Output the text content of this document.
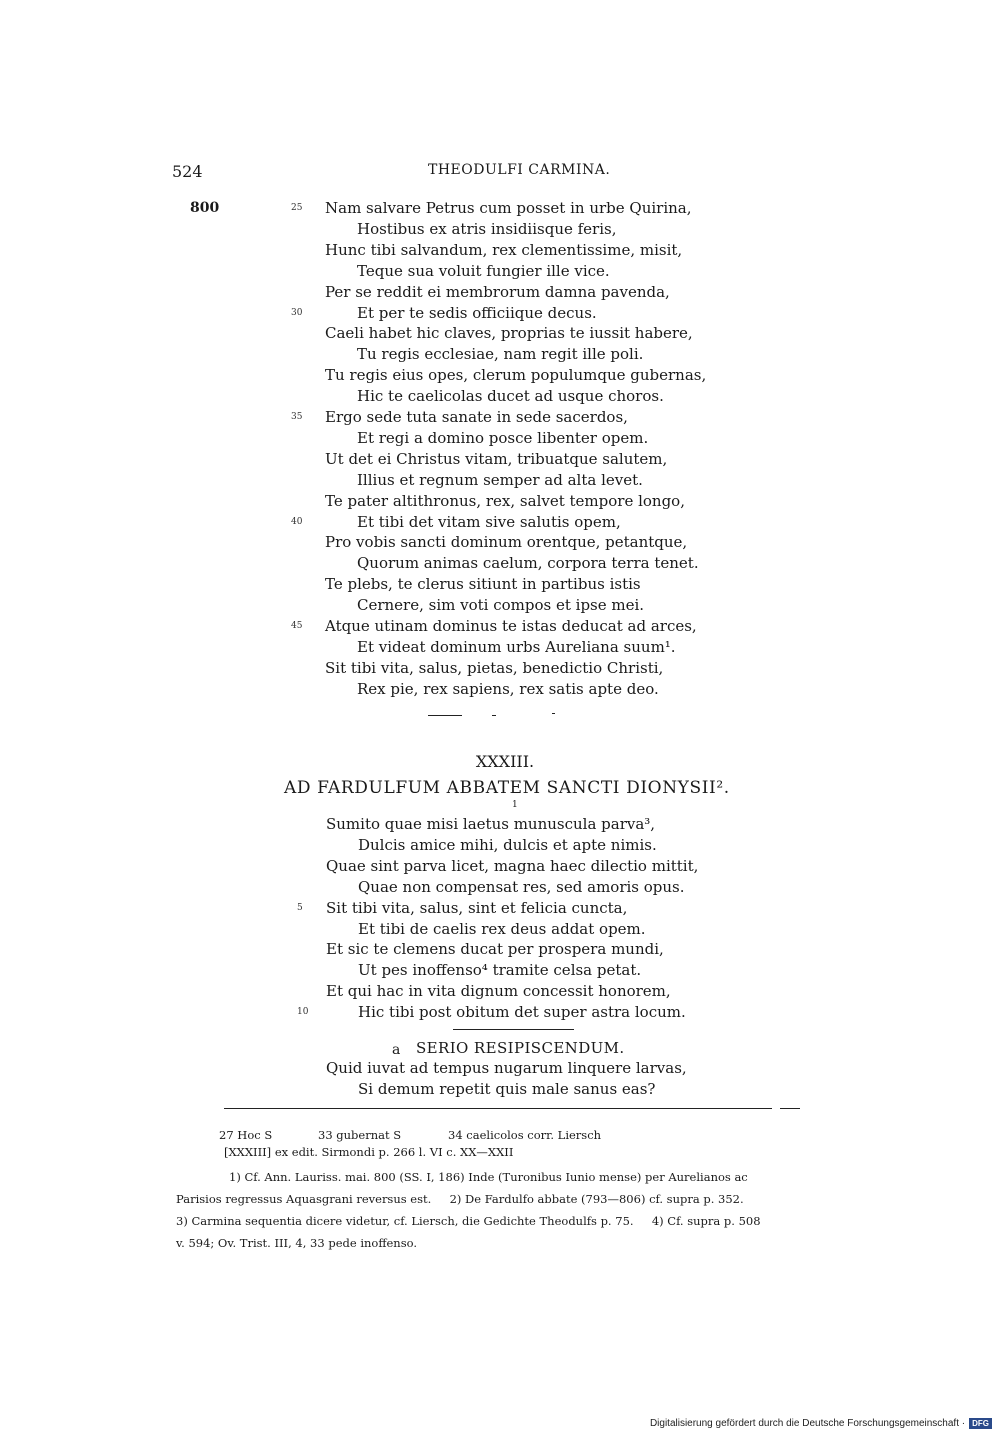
524	THEODULFI CARMINA.
800	Nam salvare Petrus cum posset in urbe Quirina,
Hostibus ex atris insidiisque feris,
Hunc tibi salvandum, rex clementissime, misit,
Teque sua voluit fungier ille vice.
Per se reddit ei membrorum damna pavenda,
Et per te sedis officiique decus.
Caeli habet hic claves, proprias te iussit habere,
Tu regis ecclesiae, nam regit ille poli.
Tu regis eius opes, clerum populumque gubernas,
Hic te caelicolas ducet ad usque choros.
Ergo sede tuta sanate in sede sacerdos,
Et regi a domino posce libenter opem.
Ut det ei Christus vitam, tribuatque salutem,
Illius et regnum semper ad alta levet.
Te pater altithronus, rex, salvet tempore longo,
Et tibi det vitam sive salutis opem,
Pro vobis sancti dominum orentque, petantque,
Quorum animas caelum, corpora terra tenet.
Te plebs, te clerus sitiunt in partibus istis
Cernere, sim voti compos et ipse mei.
Atque utinam dominus te istas deducat ad arces,
Et videat dominum urbs Aureliana suum¹.
Sit tibi vita, salus, pietas, benedictio Christi,
Rex pie, rex sapiens, rex satis apte deo.
25
30
35
40
45
XXXIII.
AD FARDULFUM ABBATEM SANCTI DIONYSII².
1
Sumito quae misi laetus munuscula parva³,
Dulcis amice mihi, dulcis et apte nimis.
Quae sint parva licet, magna haec dilectio mittit,
Quae non compensat res, sed amoris opus.
Sit tibi vita, salus, sint et felicia cuncta,
Et tibi de caelis rex deus addat opem.
Et sic te clemens ducat per prospera mundi,
Ut pes inoffenso⁴ tramite celsa petat.
Et qui hac in vita dignum concessit honorem,
Hic tibi post obitum det super astra locum.
5
10
a SERIO RESIPISCENDUM.
Quid iuvat ad tempus nugarum linquere larvas,
Si demum repetit quis male sanus eas?
27 Hoc S	33 gubernat S	34 caelicolos corr. Liersch
[XXXIII] ex edit. Sirmondi p. 266 l. VI c. XX—XXII
1) Cf. Ann. Lauriss. mai. 800 (SS. I, 186) Inde (Turonibus Iunio mense) per Aurelianos ac
Parisios regressus Aquasgrani reversus est.     2) De Fardulfo abbate (793—806) cf. supra p. 352.
3) Carmina sequentia dicere videtur, cf. Liersch, die Gedichte Theodulfs p. 75.     4) Cf. supra p. 508
v. 594; Ov. Trist. III, 4, 33 pede inoffenso.
Digitalisierung gefördert durch die Deutsche Forschungsgemeinschaft · DFG
